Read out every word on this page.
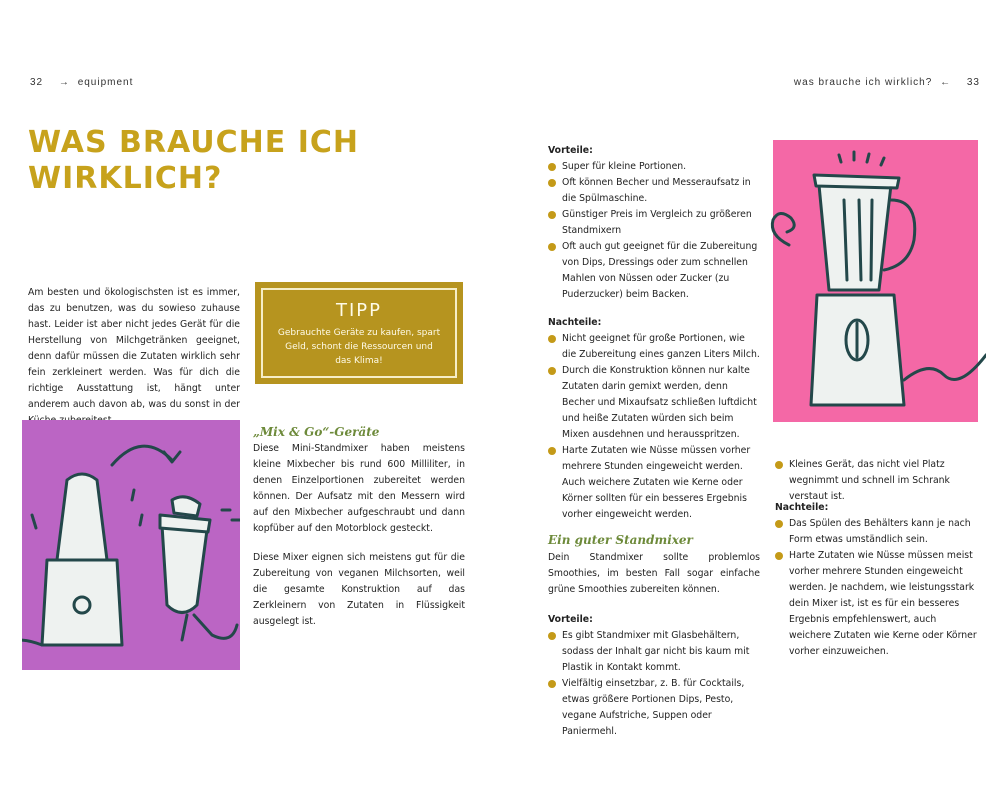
32 → equipment	was brauche ich wirklich? ← 33
WAS BRAUCHE ICH
WIRKLICH?
Am besten und ökologischsten ist es immer, das zu benutzen, was du sowieso zuhause hast. Leider ist aber nicht jedes Gerät für die Herstellung von Milchgetränken geeignet, denn dafür müssen die Zutaten wirklich sehr fein zerkleinert werden. Was für dich die richtige Ausstattung ist, hängt unter anderem auch davon ab, was du sonst in der
TIPP
Gebrauchte Geräte zu kaufen, spart Geld, schont die Ressourcen und das Klima!
„Mix & Go“-Geräte
Diese Mini-Standmixer haben meistens kleine Mixbecher bis rund 600 Milliliter, in denen Einzelportionen zubereitet werden können. Der Aufsatz mit den Messern wird auf den Mixbecher aufgeschraubt und dann kopfüber auf den Motorblock gesteckt.
Diese Mixer eignen sich meistens gut für die Zubereitung von veganen Milchsorten, weil die gesamte Konstruktion auf das Zerkleinern von Zutaten in Flüssigkeit ausgelegt ist.
Vorteile:
Super für kleine Portionen.
Oft können Becher und Messeraufsatz in die Spülmaschine.
Günstiger Preis im Vergleich zu größeren Standmixern
Oft auch gut geeignet für die Zubereitung von Dips, Dressings oder zum schnellen Mahlen von Nüssen oder Zucker (zu Puderzucker) beim Backen.
Nachteile:
Nicht geeignet für große Portionen, wie die Zubereitung eines ganzen Liters Milch.
Durch die Konstruktion können nur kalte Zutaten darin gemixt werden, denn Becher und Mixaufsatz schließen luftdicht und heiße Zutaten würden sich beim Mixen ausdehnen und herausspritzen.
Harte Zutaten wie Nüsse müssen vorher mehrere Stunden eingeweicht werden. Auch weichere Zutaten wie Kerne oder Körner sollten für ein besseres Ergebnis vorher eingeweicht werden.
Ein guter Standmixer
Dein Standmixer sollte problemlos Smoothies, im besten Fall sogar einfache grüne Smoothies zubereiten können.
Vorteile:
Es gibt Standmixer mit Glasbehältern, sodass der Inhalt gar nicht bis kaum mit Plastik in Kontakt kommt.
Vielfältig einsetzbar, z. B. für Cocktails, etwas größere Portionen Dips, Pesto, vegane Aufstriche, Suppen oder Paniermehl.
Kleines Gerät, das nicht viel Platz wegnimmt und schnell im Schrank verstaut ist.
Nachteile:
Das Spülen des Behälters kann je nach Form etwas umständlich sein.
Harte Zutaten wie Nüsse müssen meist vorher mehrere Stunden eingeweicht werden. Je nachdem, wie leistungsstark dein Mixer ist, ist es für ein besseres Ergebnis empfehlenswert, auch weichere Zutaten wie Kerne oder Körner vorher einzuweichen.
